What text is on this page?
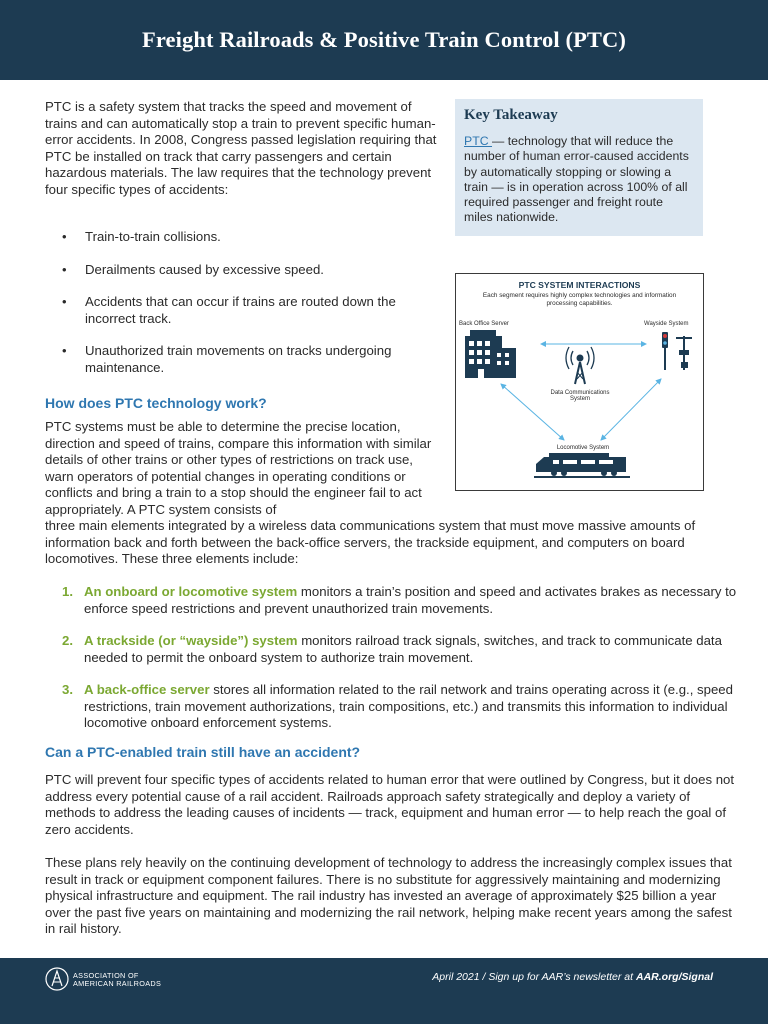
Freight Railroads & Positive Train Control (PTC)

PTC is a safety system that tracks the speed and movement of trains and can automatically stop a train to prevent specific human-error accidents. In 2008, Congress passed legislation requiring that PTC be installed on track that carry passengers and certain hazardous materials. The law requires that the technology prevent four specific types of accidents:

• Train-to-train collisions.
• Derailments caused by excessive speed.
• Accidents that can occur if trains are routed down the incorrect track.
• Unauthorized train movements on tracks undergoing maintenance.
Key Takeaway

PTC — technology that will reduce the number of human error-caused accidents by automatically stopping or slowing a train — is in operation across 100% of all required passenger and freight route miles nationwide.

PTC SYSTEM INTERACTIONS
Each segment requires highly complex technologies and information processing capabilities.
Back Office Server	Wayside System
Data Communications System
Locomotive System
How does PTC technology work?

PTC systems must be able to determine the precise location, direction and speed of trains, compare this information with similar details of other trains or other types of restrictions on track use, warn operators of potential changes in operating conditions or conflicts and bring a train to a stop should the engineer fail to act appropriately. A PTC system consists of

three main elements integrated by a wireless data communications system that must move massive amounts of information back and forth between the back-office servers, the trackside equipment, and computers on board locomotives. These three elements include:

1. An onboard or locomotive system monitors a train’s position and speed and activates brakes as necessary to enforce speed restrictions and prevent unauthorized train movements.
2. A trackside (or “wayside”) system monitors railroad track signals, switches, and track to communicate data needed to permit the onboard system to authorize train movement.
3. A back-office server stores all information related to the rail network and trains operating across it (e.g., speed restrictions, train movement authorizations, train compositions, etc.) and transmits this information to individual locomotive onboard enforcement systems.
Can a PTC-enabled train still have an accident?

PTC will prevent four specific types of accidents related to human error that were outlined by Congress, but it does not address every potential cause of a rail accident. Railroads approach safety strategically and deploy a variety of methods to address the leading causes of incidents — track, equipment and human error — to help reach the goal of zero accidents.

These plans rely heavily on the continuing development of technology to address the increasingly complex issues that result in track or equipment component failures. There is no substitute for aggressively maintaining and modernizing physical infrastructure and equipment. The rail industry has invested an average of approximately $25 billion a year over the past five years on maintaining and modernizing the rail network, helping make recent years among the safest in rail history.

ASSOCIATION OF
AMERICAN RAILROADS
April 2021 / Sign up for AAR’s newsletter at AAR.org/Signal
